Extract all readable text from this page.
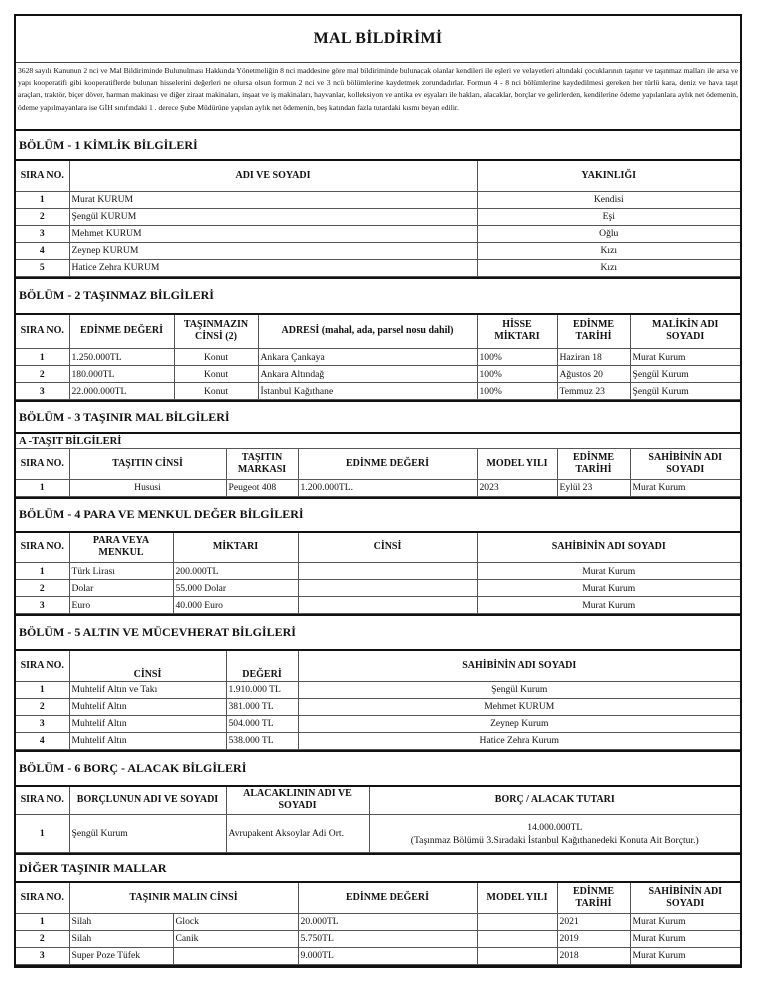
MAL BİLDİRİMİ
3628 sayılı Kanunun 2 nci ve Mal Bildiriminde Bulunulması Hakkında Yönetmeliğin 8 nci maddesine göre mal bildiriminde bulunacak olanlar kendileri ile eşleri ve velayetleri altındaki çocuklarının taşınır ve taşınmaz malları ile arsa ve yapı kooperatifi gibi kooperatiflerde bulunan hisselerini değerleri ne olursa olsun formun 2 nci ve 3 ncü bölümlerine kaydetmek zorundadırlar. Formun 4 - 8 nci bölümlerine kaydedilmesi gereken her türlü kara, deniz ve hava taşıt araçları, traktör, biçer döver, harman makinası ve diğer ziraat makinaları, inşaat ve iş makinaları, hayvanlar, kolleksiyon ve antika ev eşyaları ile hakları, alacaklar, borçlar ve gelirlerden, kendilerine ödeme yapılanlara aylık net ödemenin, ödeme yapılmayanlara ise GİH sınıfındaki 1 . derece Şube Müdürüne yapılan aylık net ödemenin, beş katından fazla tutardaki kısmı beyan edilir.
BÖLÜM - 1 KİMLİK BİLGİLERİ
SIRA NO.	ADI VE SOYADI	YAKINLIĞI
1	Murat KURUM	Kendisi
2	Şengül KURUM	Eşi
3	Mehmet KURUM	Oğlu
4	Zeynep KURUM	Kızı
5	Hatice Zehra KURUM	Kızı
BÖLÜM - 2 TAŞINMAZ BİLGİLERİ
SIRA NO.	EDİNME DEĞERİ	TAŞINMAZIN CİNSİ (2)	ADRESİ (mahal, ada, parsel nosu dahil)	HİSSE MİKTARI	EDİNME TARİHİ	MALİKİN ADI SOYADI
1	1.250.000TL	Konut	Ankara Çankaya	100%	Haziran 18	Murat Kurum
2	180.000TL	Konut	Ankara Altındağ	100%	Ağustos 20	Şengül Kurum
3	22.000.000TL	Konut	İstanbul Kağıthane	100%	Temmuz 23	Şengül Kurum
BÖLÜM - 3 TAŞINIR MAL BİLGİLERİ
A -TAŞIT BİLGİLERİ
SIRA NO.	TAŞITIN CİNSİ	TAŞITIN MARKASI	EDİNME DEĞERİ	MODEL YILI	EDİNME TARİHİ	SAHİBİNİN ADI SOYADI
1	Hususi	Peugeot 408	1.200.000TL.	2023	Eylül 23	Murat Kurum
BÖLÜM - 4 PARA VE MENKUL DEĞER BİLGİLERİ
SIRA NO.	PARA VEYA MENKUL	MİKTARI	CİNSİ	SAHİBİNİN ADI SOYADI
1	Türk Lirası	200.000TL		Murat Kurum
2	Dolar	55.000 Dolar		Murat Kurum
3	Euro	40.000 Euro		Murat Kurum
BÖLÜM - 5 ALTIN VE MÜCEVHERAT BİLGİLERİ
SIRA NO.	CİNSİ	DEĞERİ	SAHİBİNİN ADI SOYADI
1	Muhtelif Altın ve Takı	1.910.000 TL	Şengül Kurum
2	Muhtelif Altın	381.000 TL	Mehmet KURUM
3	Muhtelif Altın	504.000 TL	Zeynep Kurum
4	Muhtelif Altın	538.000 TL	Hatice Zehra Kurum
BÖLÜM - 6 BORÇ - ALACAK BİLGİLERİ
SIRA NO.	BORÇLUNUN ADI VE SOYADI	ALACAKLININ ADI VE SOYADI	BORÇ / ALACAK TUTARI
1	Şengül Kurum	Avrupakent Aksoylar Adi Ort.	14.000.000TL
(Taşınmaz Bölümü 3.Sıradaki İstanbul Kağıthanedeki Konuta Ait Borçtur.)
DİĞER TAŞINIR MALLAR
SIRA NO.	TAŞINIR MALIN CİNSİ		EDİNME DEĞERİ	MODEL YILI	EDİNME TARİHİ	SAHİBİNİN ADI SOYADI
1	Silah	Glock	20.000TL		2021	Murat Kurum
2	Silah	Canik	5.750TL		2019	Murat Kurum
3	Super Poze Tüfek		9.000TL		2018	Murat Kurum
